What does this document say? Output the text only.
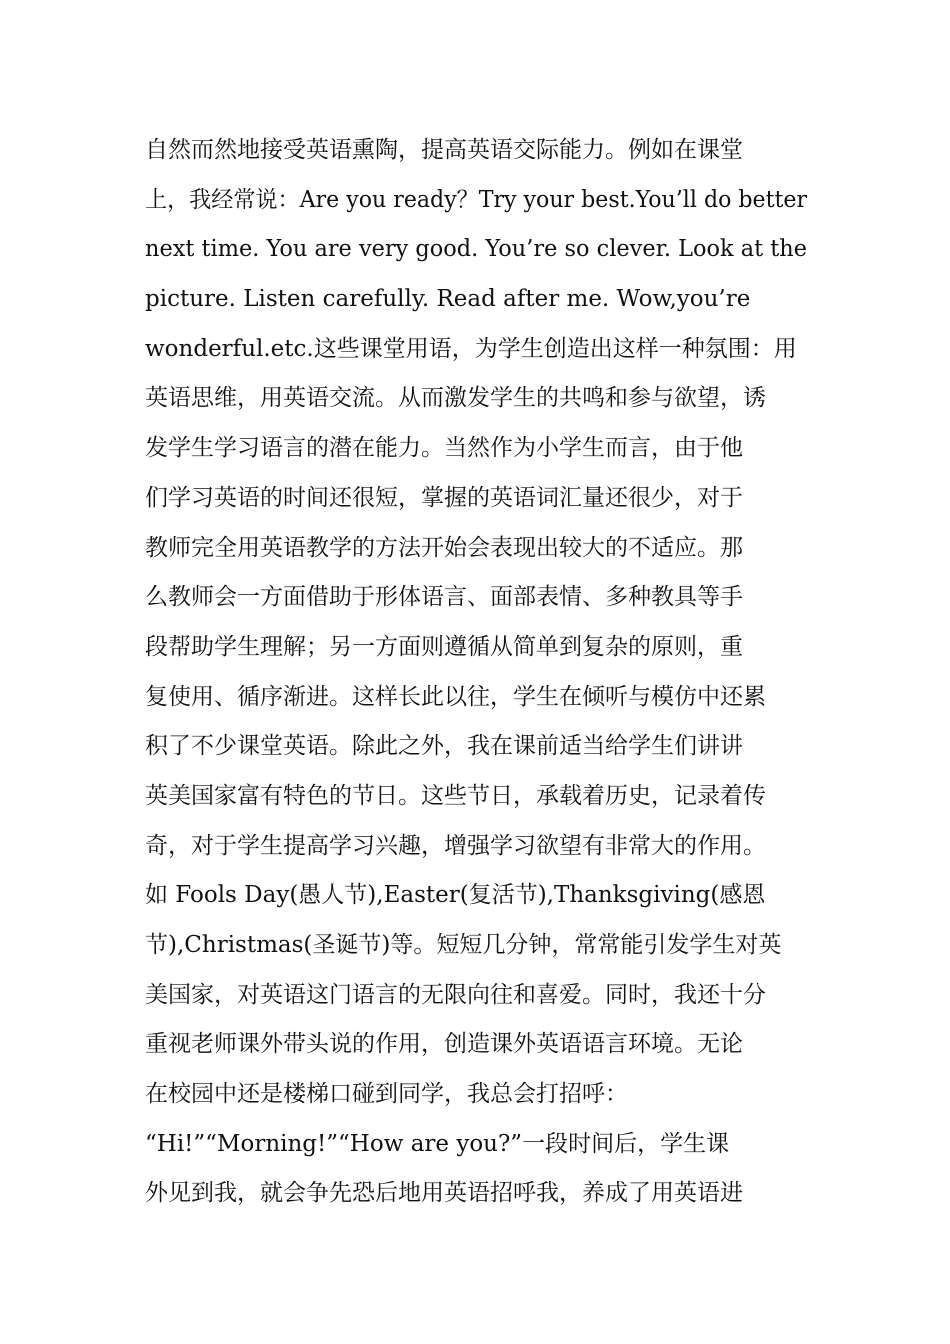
自然而然地接受英语熏陶，提高英语交际能力。例如在课堂
上，我经常说：Are you ready？Try your best.You’ll do better
next time. You are very good. You’re so clever. Look at the
picture. Listen carefully. Read after me. Wow,you’re
wonderful.etc.这些课堂用语，为学生创造出这样一种氛围：用
英语思维，用英语交流。从而激发学生的共鸣和参与欲望，诱
发学生学习语言的潜在能力。当然作为小学生而言，由于他
们学习英语的时间还很短，掌握的英语词汇量还很少，对于
教师完全用英语教学的方法开始会表现出较大的不适应。那
么教师会一方面借助于形体语言、面部表情、多种教具等手
段帮助学生理解；另一方面则遵循从简单到复杂的原则，重
复使用、循序渐进。这样长此以往，学生在倾听与模仿中还累
积了不少课堂英语。除此之外，我在课前适当给学生们讲讲
英美国家富有特色的节日。这些节日，承载着历史，记录着传
奇，对于学生提高学习兴趣，增强学习欲望有非常大的作用。
如 Fools Day(愚人节),Easter(复活节),Thanksgiving(感恩
节),Christmas(圣诞节)等。短短几分钟，常常能引发学生对英
美国家，对英语这门语言的无限向往和喜爱。同时，我还十分
重视老师课外带头说的作用，创造课外英语语言环境。无论
在校园中还是楼梯口碰到同学，我总会打招呼：
“Hi!”“Morning!”“How are you?”一段时间后，学生课
外见到我，就会争先恐后地用英语招呼我，养成了用英语进
